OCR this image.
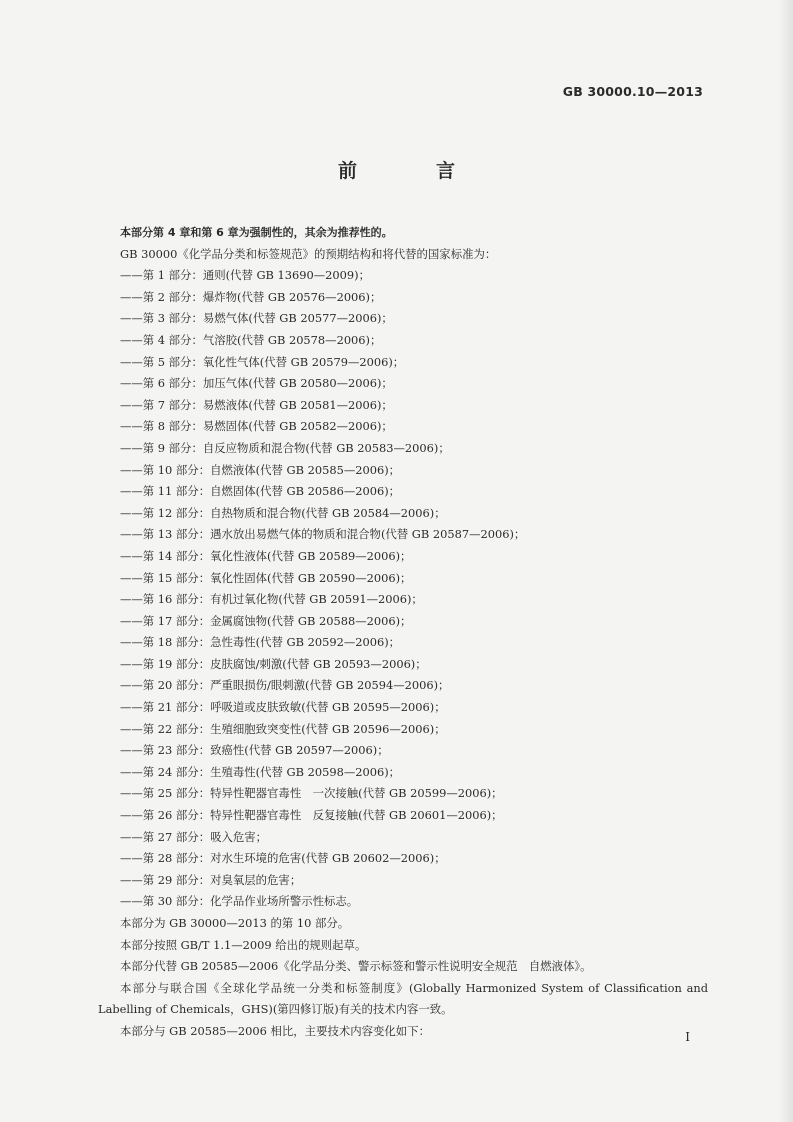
GB 30000.10—2013
前　言
本部分第 4 章和第 6 章为强制性的，其余为推荐性的。
GB 30000《化学品分类和标签规范》的预期结构和将代替的国家标准为：
——第 1 部分：通则(代替 GB 13690—2009)；
——第 2 部分：爆炸物(代替 GB 20576—2006)；
——第 3 部分：易燃气体(代替 GB 20577—2006)；
——第 4 部分：气溶胶(代替 GB 20578—2006)；
——第 5 部分：氧化性气体(代替 GB 20579—2006)；
——第 6 部分：加压气体(代替 GB 20580—2006)；
——第 7 部分：易燃液体(代替 GB 20581—2006)；
——第 8 部分：易燃固体(代替 GB 20582—2006)；
——第 9 部分：自反应物质和混合物(代替 GB 20583—2006)；
——第 10 部分：自燃液体(代替 GB 20585—2006)；
——第 11 部分：自燃固体(代替 GB 20586—2006)；
——第 12 部分：自热物质和混合物(代替 GB 20584—2006)；
——第 13 部分：遇水放出易燃气体的物质和混合物(代替 GB 20587—2006)；
——第 14 部分：氧化性液体(代替 GB 20589—2006)；
——第 15 部分：氧化性固体(代替 GB 20590—2006)；
——第 16 部分：有机过氧化物(代替 GB 20591—2006)；
——第 17 部分：金属腐蚀物(代替 GB 20588—2006)；
——第 18 部分：急性毒性(代替 GB 20592—2006)；
——第 19 部分：皮肤腐蚀/刺激(代替 GB 20593—2006)；
——第 20 部分：严重眼损伤/眼刺激(代替 GB 20594—2006)；
——第 21 部分：呼吸道或皮肤致敏(代替 GB 20595—2006)；
——第 22 部分：生殖细胞致突变性(代替 GB 20596—2006)；
——第 23 部分：致癌性(代替 GB 20597—2006)；
——第 24 部分：生殖毒性(代替 GB 20598—2006)；
——第 25 部分：特异性靶器官毒性　一次接触(代替 GB 20599—2006)；
——第 26 部分：特异性靶器官毒性　反复接触(代替 GB 20601—2006)；
——第 27 部分：吸入危害；
——第 28 部分：对水生环境的危害(代替 GB 20602—2006)；
——第 29 部分：对臭氧层的危害；
——第 30 部分：化学品作业场所警示性标志。
本部分为 GB 30000—2013 的第 10 部分。
本部分按照 GB/T 1.1—2009 给出的规则起草。
本部分代替 GB 20585—2006《化学品分类、警示标签和警示性说明安全规范　自燃液体》。
本部分与联合国《全球化学品统一分类和标签制度》(Globally Harmonized System of Classification and Labelling of Chemicals，GHS)(第四修订版)有关的技术内容一致。
本部分与 GB 20585—2006 相比，主要技术内容变化如下：	I
